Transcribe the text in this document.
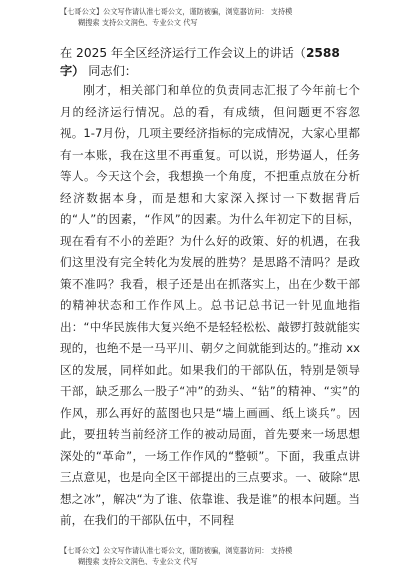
【七哥公文】公文写作请认准七哥公文，谨防被骗，浏览器访问： 支持模
糊搜索 支持公文润色、专业公文 代写
在 2025 年全区经济运行工作会议上的讲话（2588
字） 同志们：

刚才，相关部门和单位的负责同志汇报了今年前七个月的经济运行情况。总的看，有成绩，但问题更不容忽视。1-7月份，几项主要经济指标的完成情况，大家心里都有一本账，我在这里不再重复。可以说，形势逼人，任务等人。今天这个会，我想换一个角度，不把重点放在分析经济数据本身，而是想和大家深入探讨一下数据背后的“人”的因素，“作风”的因素。为什么年初定下的目标，现在看有不小的差距？为什么好的政策、好的机遇，在我们这里没有完全转化为发展的胜势？是思路不清吗？是政策不准吗？我看，根子还是出在抓落实上，出在少数干部的精神状态和工作作风上。总书记总书记一针见血地指出：“中华民族伟大复兴绝不是轻轻松松、敲锣打鼓就能实现的，也绝不是一马平川、朝夕之间就能到达的。”推动 xx 区的发展，同样如此。如果我们的干部队伍，特别是领导干部，缺乏那么一股子“冲”的劲头、“钻”的精神、“实”的作风，那么再好的蓝图也只是“墙上画画、纸上谈兵”。因此，要扭转当前经济工作的被动局面，首先要来一场思想深处的“革命”，一场工作作风的“整顿”。下面，我重点讲三点意见，也是向全区干部提出的三点要求。一、破除“思想之冰”，解决“为了谁、依靠谁、我是谁”的根本问题。当前，在我们的干部队伍中，不同程

【七哥公文】公文写作请认准七哥公文，谨防被骗，浏览器访问： 支持模
糊搜索 支持公文润色、专业公文 代写
